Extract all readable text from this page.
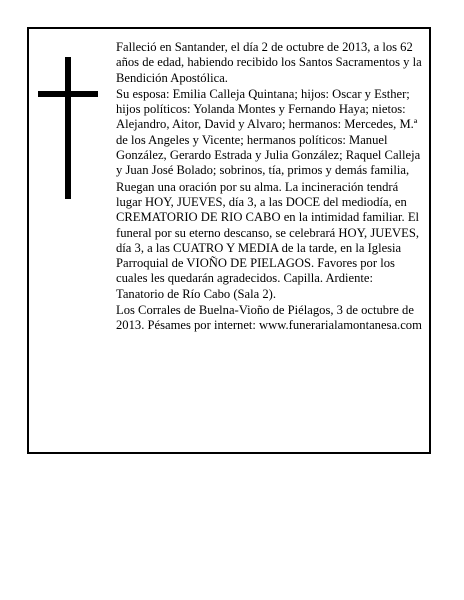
Falleció en Santander, el día 2 de octubre de 2013, a los 62 años de edad, habiendo recibido los Santos Sacramentos y la Bendición Apostólica.

Su esposa: Emilia Calleja Quintana; hijos: Oscar y Esther; hijos políticos: Yolanda Montes y Fernando Haya; nietos: Alejandro, Aitor, David y Alvaro; hermanos: Mercedes, M.ª de los Angeles y Vicente; hermanos políticos: Manuel González, Gerardo Estrada y Julia González; Raquel Calleja y Juan José Bolado; sobrinos, tía, primos y demás familia,

Ruegan una oración por su alma. La incineración tendrá lugar HOY, JUEVES, día 3, a las DOCE del mediodía, en CREMATORIO DE RIO CABO en la intimidad familiar. El funeral por su eterno descanso, se celebrará HOY, JUEVES, día 3, a las CUATRO Y MEDIA de la tarde, en la Iglesia Parroquial de VIOÑO DE PIELAGOS. Favores por los cuales les quedarán agradecidos. Capilla. Ardiente: Tanatorio de Río Cabo (Sala 2).

Los Corrales de Buelna-Vioño de Piélagos, 3 de octubre de 2013. Pésames por internet: www.funerarialamontanesa.com
